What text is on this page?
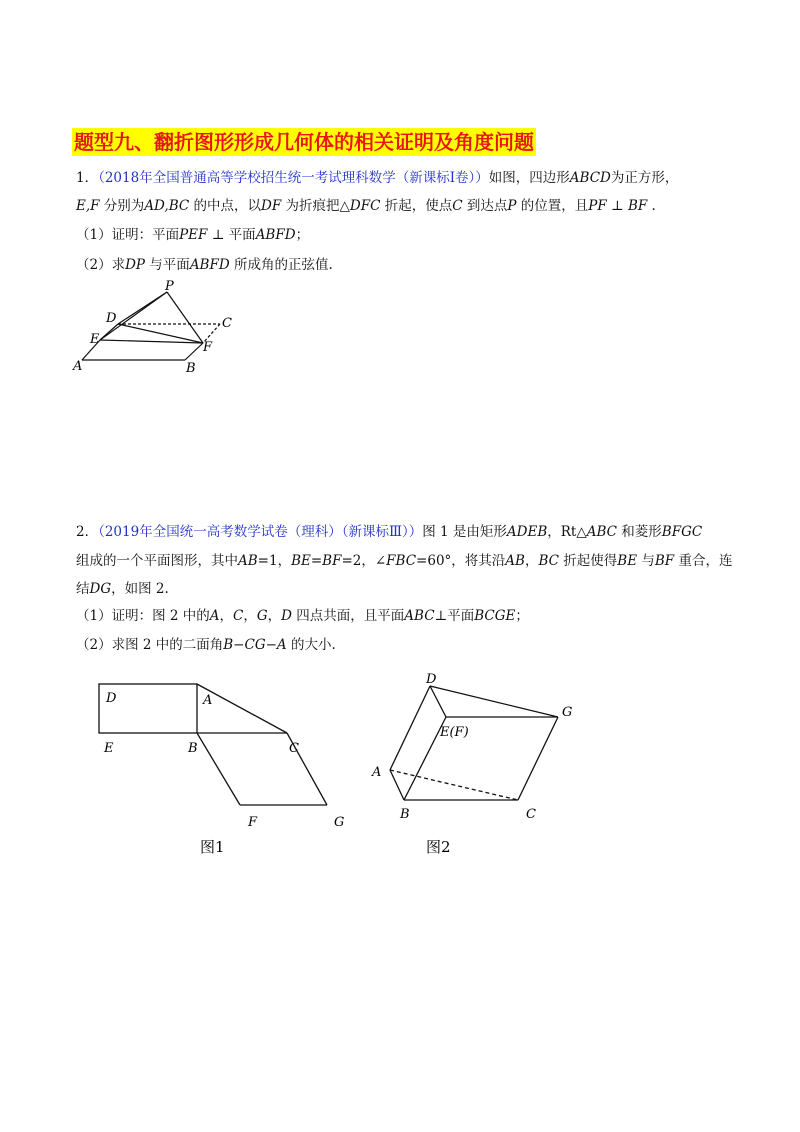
题型九、翻折图形形成几何体的相关证明及角度问题
1．（2018年全国普通高等学校招生统一考试理科数学（新课标I卷））如图，四边形ABCD为正方形，
E,F 分别为AD,BC 的中点，以DF 为折痕把△DFC 折起，使点C 到达点P 的位置，且PF ⊥ BF .
（1）证明：平面PEF ⊥ 平面ABFD；
（2）求DP 与平面ABFD 所成角的正弦值.
P
D	C
E
F
A	B
2．（2019年全国统一高考数学试卷（理科）（新课标Ⅲ））图 1 是由矩形ADEB，Rt△ABC 和菱形BFGC
组成的一个平面图形，其中AB=1，BE=BF=2，∠FBC=60°，将其沿AB，BC 折起使得BE 与BF 重合，连
结DG，如图 2.
（1）证明：图 2 中的A，C，G，D 四点共面，且平面ABC⊥平面BCGE；
（2）求图 2 中的二面角B−CG−A 的大小.
D	A
E	B	C
F	G
图1
D
G
E(F)
A
B	C
图2
